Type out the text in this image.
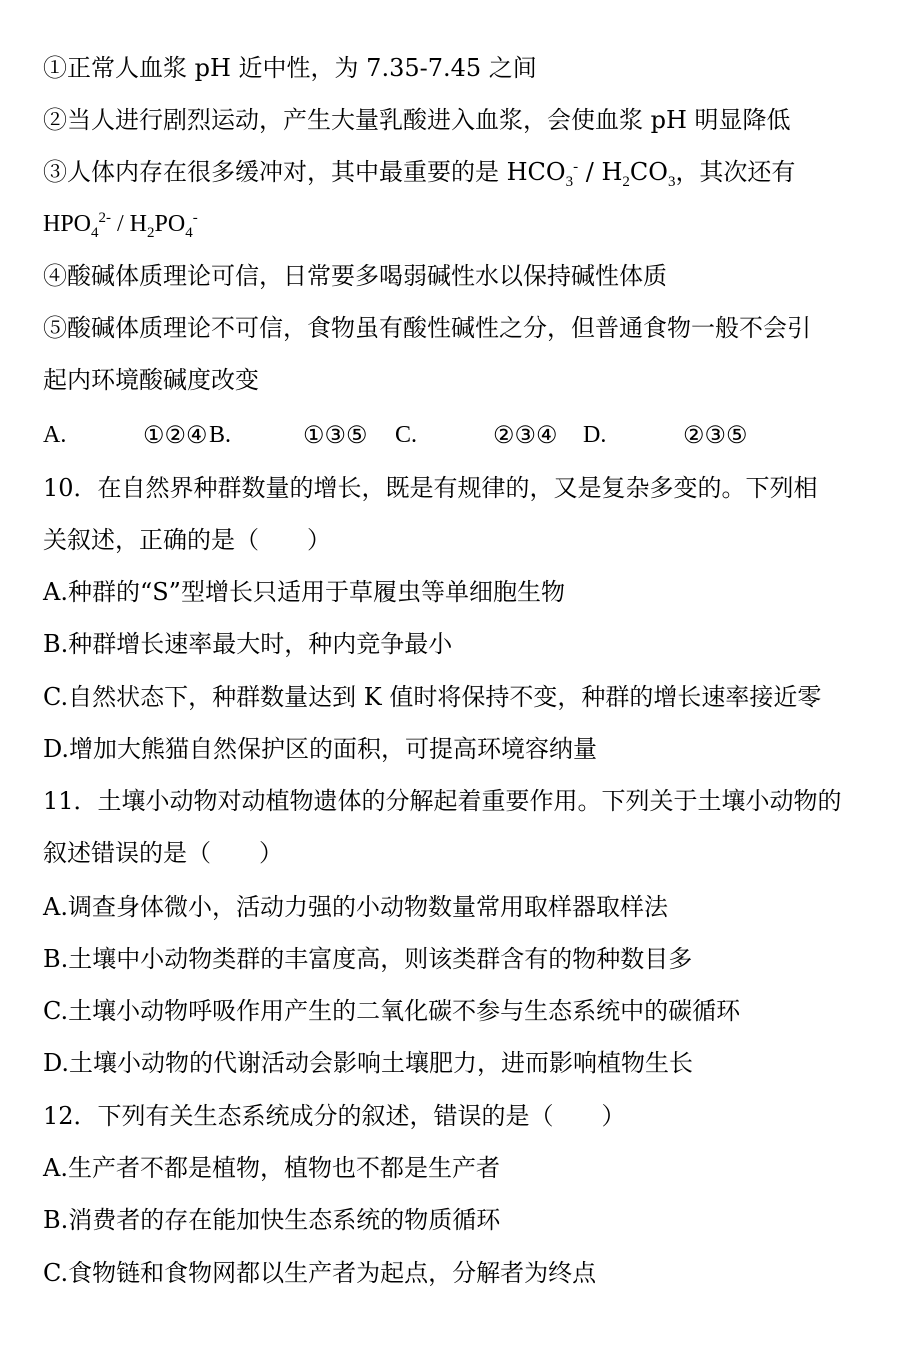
①正常人血浆 pH 近中性，为 7.35-7.45 之间
②当人进行剧烈运动，产生大量乳酸进入血浆，会使血浆 pH 明显降低
③人体内存在很多缓冲对，其中最重要的是 $HCO_3^- / H_2CO_3$，其次还有
$HPO_4^{2-} / H_2PO_4^-$
④酸碱体质理论可信，日常要多喝弱碱性水以保持碱性体质
⑤酸碱体质理论不可信，食物虽有酸性碱性之分，但普通食物一般不会引
起内环境酸碱度改变
A.	①②④ B.	①③⑤ C.	②③④ D.	②③⑤
10．在自然界种群数量的增长，既是有规律的，又是复杂多变的。下列相
关叙述，正确的是（　　）
A.种群的“S”型增长只适用于草履虫等单细胞生物
B.种群增长速率最大时，种内竞争最小
C.自然状态下，种群数量达到 K 值时将保持不变，种群的增长速率接近零
D.增加大熊猫自然保护区的面积，可提高环境容纳量
11．土壤小动物对动植物遗体的分解起着重要作用。下列关于土壤小动物的
叙述错误的是（　　）
A.调查身体微小，活动力强的小动物数量常用取样器取样法
B.土壤中小动物类群的丰富度高，则该类群含有的物种数目多
C.土壤小动物呼吸作用产生的二氧化碳不参与生态系统中的碳循环
D.土壤小动物的代谢活动会影响土壤肥力，进而影响植物生长
12．下列有关生态系统成分的叙述，错误的是（　　）
A.生产者不都是植物，植物也不都是生产者
B.消费者的存在能加快生态系统的物质循环
C.食物链和食物网都以生产者为起点，分解者为终点
